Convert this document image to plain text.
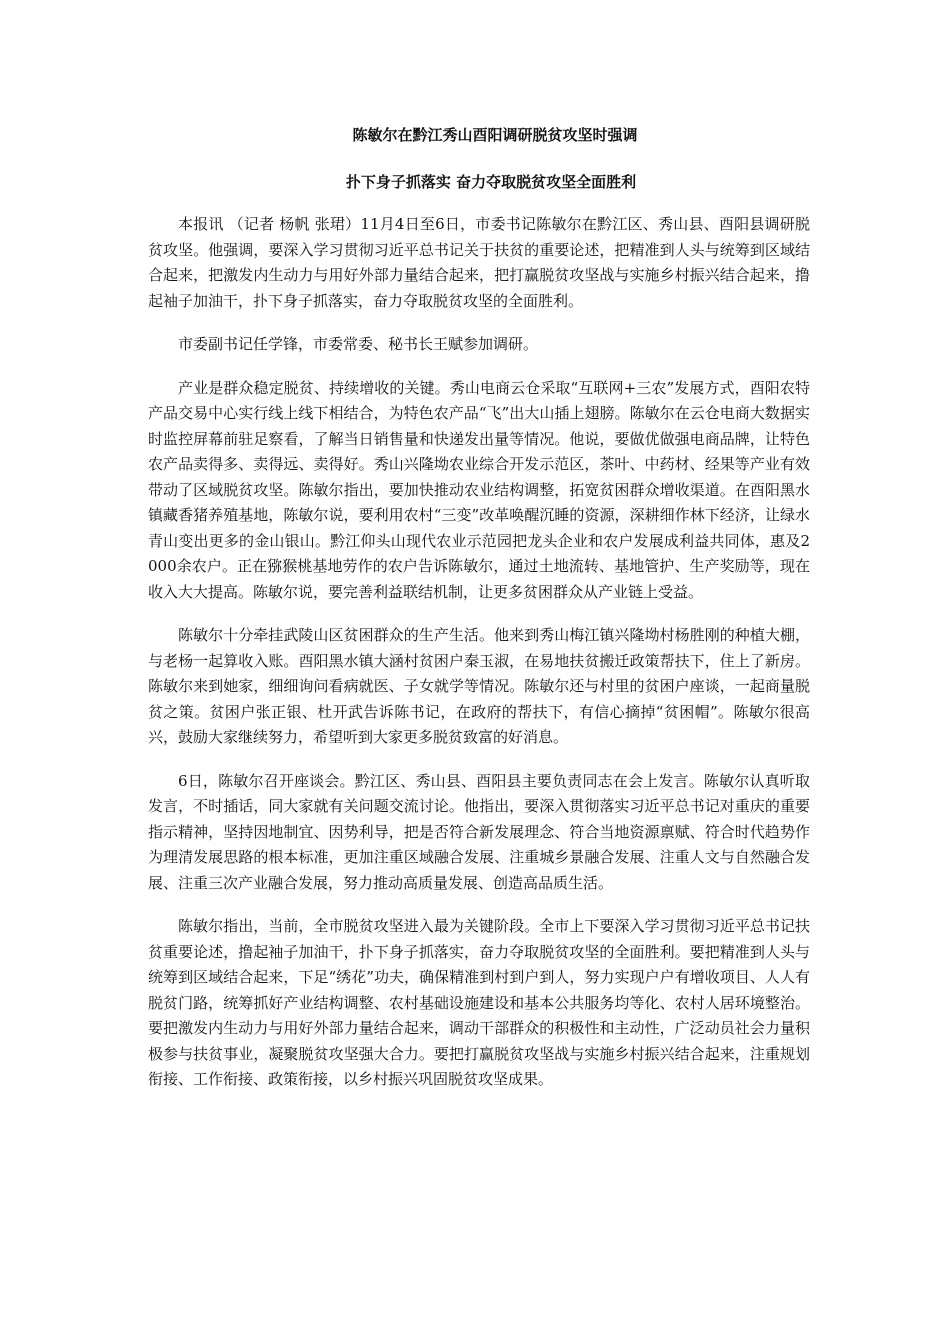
陈敏尔在黔江秀山酉阳调研脱贫攻坚时强调
扑下身子抓落实 奋力夺取脱贫攻坚全面胜利

本报讯 （记者 杨帆 张珺）11月4日至6日，市委书记陈敏尔在黔江区、秀山县、酉阳县调研脱贫攻坚。他强调，要深入学习贯彻习近平总书记关于扶贫的重要论述，把精准到人头与统筹到区域结合起来，把激发内生动力与用好外部力量结合起来，把打赢脱贫攻坚战与实施乡村振兴结合起来，撸起袖子加油干，扑下身子抓落实，奋力夺取脱贫攻坚的全面胜利。

市委副书记任学锋，市委常委、秘书长王赋参加调研。

产业是群众稳定脱贫、持续增收的关键。秀山电商云仓采取“互联网+三农”发展方式，酉阳农特产品交易中心实行线上线下相结合，为特色农产品“飞”出大山插上翅膀。陈敏尔在云仓电商大数据实时监控屏幕前驻足察看，了解当日销售量和快递发出量等情况。他说，要做优做强电商品牌，让特色农产品卖得多、卖得远、卖得好。秀山兴隆坳农业综合开发示范区，茶叶、中药材、经果等产业有效带动了区域脱贫攻坚。陈敏尔指出，要加快推动农业结构调整，拓宽贫困群众增收渠道。在酉阳黑水镇藏香猪养殖基地，陈敏尔说，要利用农村“三变”改革唤醒沉睡的资源，深耕细作林下经济，让绿水青山变出更多的金山银山。黔江仰头山现代农业示范园把龙头企业和农户发展成利益共同体，惠及2000余农户。正在猕猴桃基地劳作的农户告诉陈敏尔，通过土地流转、基地管护、生产奖励等，现在收入大大提高。陈敏尔说，要完善利益联结机制，让更多贫困群众从产业链上受益。

陈敏尔十分牵挂武陵山区贫困群众的生产生活。他来到秀山梅江镇兴隆坳村杨胜刚的种植大棚，与老杨一起算收入账。酉阳黑水镇大涵村贫困户秦玉淑，在易地扶贫搬迁政策帮扶下，住上了新房。陈敏尔来到她家，细细询问看病就医、子女就学等情况。陈敏尔还与村里的贫困户座谈，一起商量脱贫之策。贫困户张正银、杜开武告诉陈书记，在政府的帮扶下，有信心摘掉“贫困帽”。陈敏尔很高兴，鼓励大家继续努力，希望听到大家更多脱贫致富的好消息。

6日，陈敏尔召开座谈会。黔江区、秀山县、酉阳县主要负责同志在会上发言。陈敏尔认真听取发言，不时插话，同大家就有关问题交流讨论。他指出，要深入贯彻落实习近平总书记对重庆的重要指示精神，坚持因地制宜、因势利导，把是否符合新发展理念、符合当地资源禀赋、符合时代趋势作为理清发展思路的根本标准，更加注重区域融合发展、注重城乡景融合发展、注重人文与自然融合发展、注重三次产业融合发展，努力推动高质量发展、创造高品质生活。

陈敏尔指出，当前，全市脱贫攻坚进入最为关键阶段。全市上下要深入学习贯彻习近平总书记扶贫重要论述，撸起袖子加油干，扑下身子抓落实，奋力夺取脱贫攻坚的全面胜利。要把精准到人头与统筹到区域结合起来，下足“绣花”功夫，确保精准到村到户到人，努力实现户户有增收项目、人人有脱贫门路，统筹抓好产业结构调整、农村基础设施建设和基本公共服务均等化、农村人居环境整治。要把激发内生动力与用好外部力量结合起来，调动干部群众的积极性和主动性，广泛动员社会力量积极参与扶贫事业，凝聚脱贫攻坚强大合力。要把打赢脱贫攻坚战与实施乡村振兴结合起来，注重规划衔接、工作衔接、政策衔接，以乡村振兴巩固脱贫攻坚成果。
